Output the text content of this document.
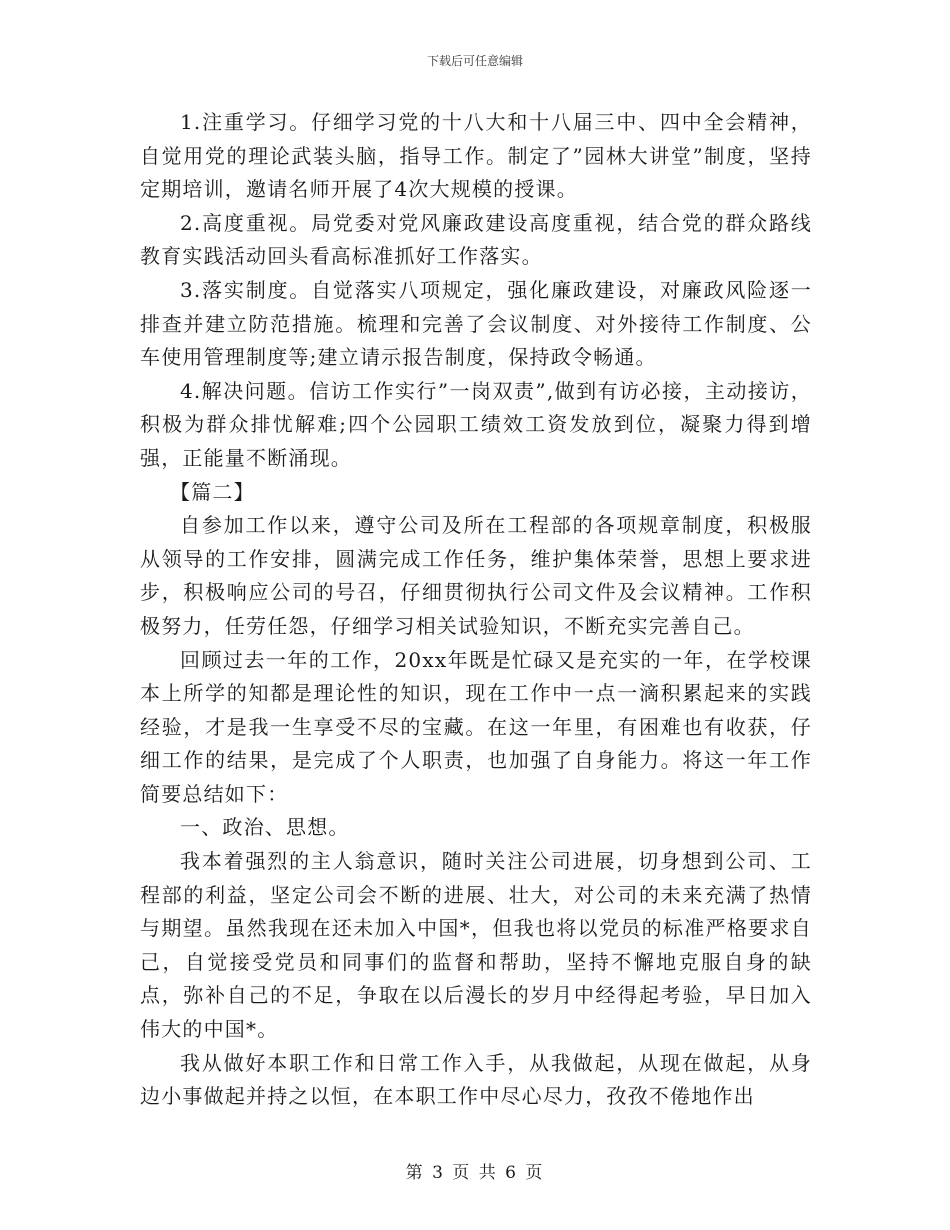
下载后可任意编辑

1.注重学习。仔细学习党的十八大和十八届三中、四中全会精神，自觉用党的理论武装头脑，指导工作。制定了”园林大讲堂”制度，坚持定期培训，邀请名师开展了4次大规模的授课。

2.高度重视。局党委对党风廉政建设高度重视，结合党的群众路线教育实践活动回头看高标准抓好工作落实。

3.落实制度。自觉落实八项规定，强化廉政建设，对廉政风险逐一排查并建立防范措施。梳理和完善了会议制度、对外接待工作制度、公车使用管理制度等;建立请示报告制度，保持政令畅通。

4.解决问题。信访工作实行”一岗双责”,做到有访必接，主动接访，积极为群众排忧解难;四个公园职工绩效工资发放到位，凝聚力得到增强，正能量不断涌现。

【篇二】

自参加工作以来，遵守公司及所在工程部的各项规章制度，积极服从领导的工作安排，圆满完成工作任务，维护集体荣誉，思想上要求进步，积极响应公司的号召，仔细贯彻执行公司文件及会议精神。工作积极努力，任劳任怨，仔细学习相关试验知识，不断充实完善自己。

回顾过去一年的工作，20xx年既是忙碌又是充实的一年，在学校课本上所学的知都是理论性的知识，现在工作中一点一滴积累起来的实践经验，才是我一生享受不尽的宝藏。在这一年里，有困难也有收获，仔细工作的结果，是完成了个人职责，也加强了自身能力。将这一年工作简要总结如下：

一、政治、思想。

我本着强烈的主人翁意识，随时关注公司进展，切身想到公司、工程部的利益，坚定公司会不断的进展、壮大，对公司的未来充满了热情与期望。虽然我现在还未加入中国*，但我也将以党员的标准严格要求自己，自觉接受党员和同事们的监督和帮助，坚持不懈地克服自身的缺点，弥补自己的不足，争取在以后漫长的岁月中经得起考验，早日加入伟大的中国*。

我从做好本职工作和日常工作入手，从我做起，从现在做起，从身边小事做起并持之以恒，在本职工作中尽心尽力，孜孜不倦地作出

第 3 页 共 6 页
